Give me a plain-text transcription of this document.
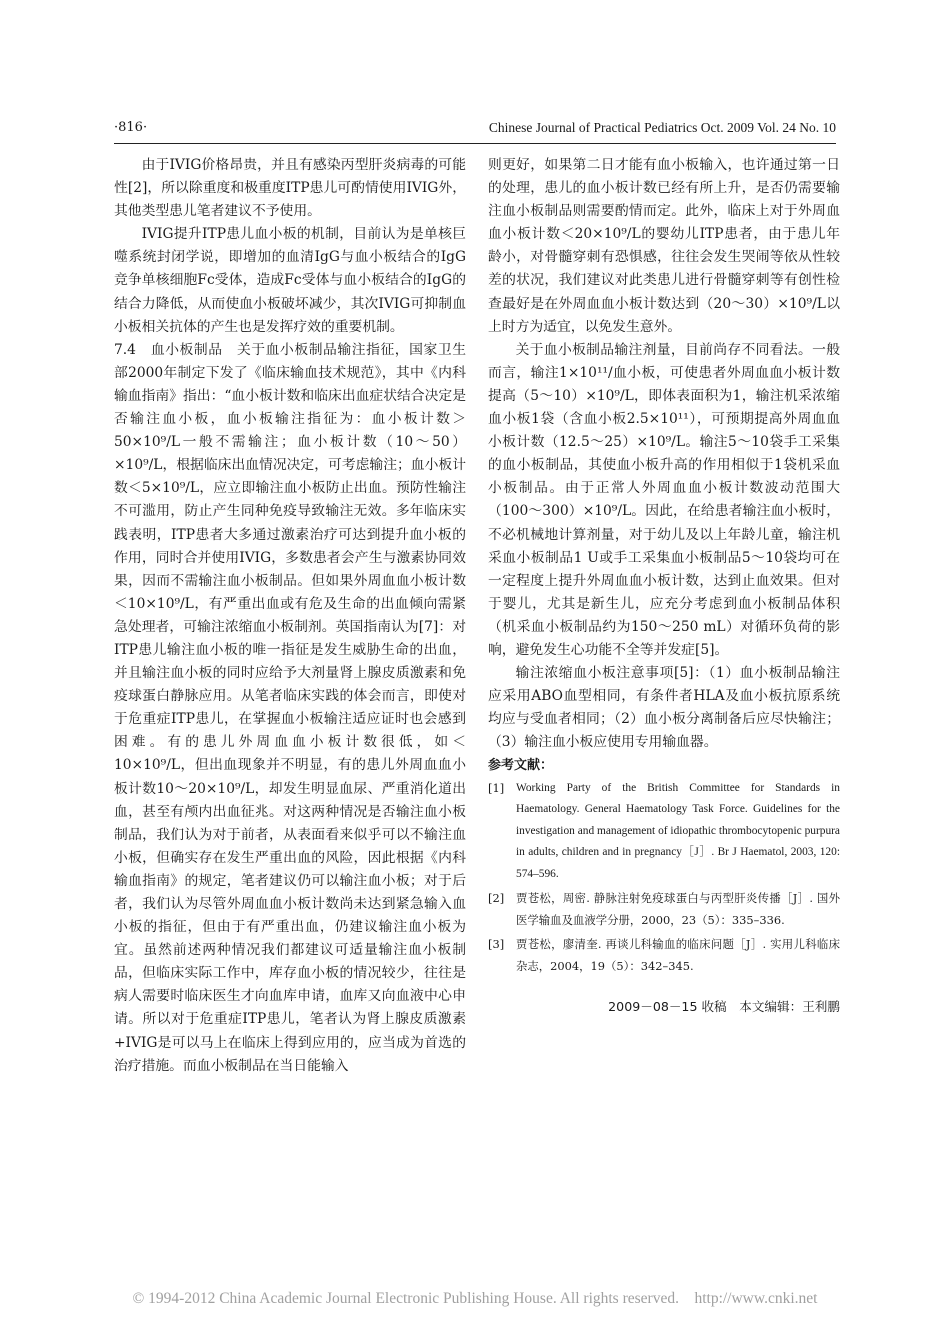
·816·	Chinese Journal of Practical Pediatrics Oct. 2009 Vol. 24 No. 10

由于IVIG价格昂贵，并且有感染丙型肝炎病毒的可能性[2]，所以除重度和极重度ITP患儿可酌情使用IVIG外，其他类型患儿笔者建议不予使用。

IVIG提升ITP患儿血小板的机制，目前认为是单核巨噬系统封闭学说，即增加的血清IgG与血小板结合的IgG竞争单核细胞Fc受体，造成Fc受体与血小板结合的IgG的结合力降低，从而使血小板破坏减少，其次IVIG可抑制血小板相关抗体的产生也是发挥疗效的重要机制。

7.4　血小板制品　关于血小板制品输注指征，国家卫生部2000年制定下发了《临床输血技术规范》，其中《内科输血指南》指出：“血小板计数和临床出血症状结合决定是否输注血小板，血小板输注指征为：血小板计数＞50×10⁹/L一般不需输注；血小板计数（10～50）×10⁹/L，根据临床出血情况决定，可考虑输注；血小板计数＜5×10⁹/L，应立即输注血小板防止出血。预防性输注不可滥用，防止产生同种免疫导致输注无效。多年临床实践表明，ITP患者大多通过激素治疗可达到提升血小板的作用，同时合并使用IVIG，多数患者会产生与激素协同效果，因而不需输注血小板制品。但如果外周血血小板计数＜10×10⁹/L，有严重出血或有危及生命的出血倾向需紧急处理者，可输注浓缩血小板制剂。英国指南认为[7]：对ITP患儿输注血小板的唯一指征是发生威胁生命的出血，并且输注血小板的同时应给予大剂量肾上腺皮质激素和免疫球蛋白静脉应用。从笔者临床实践的体会而言，即使对于危重症ITP患儿，在掌握血小板输注适应证时也会感到困难。有的患儿外周血血小板计数很低，如＜10×10⁹/L，但出血现象并不明显，有的患儿外周血血小板计数10～20×10⁹/L，却发生明显血尿、严重消化道出血，甚至有颅内出血征兆。对这两种情况是否输注血小板制品，我们认为对于前者，从表面看来似乎可以不输注血小板，但确实存在发生严重出血的风险，因此根据《内科输血指南》的规定，笔者建议仍可以输注血小板；对于后者，我们认为尽管外周血血小板计数尚未达到紧急输入血小板的指征，但由于有严重出血，仍建议输注血小板为宜。虽然前述两种情况我们都建议可适量输注血小板制品，但临床实际工作中，库存血小板的情况较少，往往是病人需要时临床医生才向血库申请，血库又向血液中心申请。所以对于危重症ITP患儿，笔者认为肾上腺皮质激素+IVIG是可以马上在临床上得到应用的，应当成为首选的治疗措施。而血小板制品在当日能输入

则更好，如果第二日才能有血小板输入，也许通过第一日的处理，患儿的血小板计数已经有所上升，是否仍需要输注血小板制品则需要酌情而定。此外，临床上对于外周血血小板计数＜20×10⁹/L的婴幼儿ITP患者，由于患儿年龄小，对骨髓穿刺有恐惧感，往往会发生哭闹等依从性较差的状况，我们建议对此类患儿进行骨髓穿刺等有创性检查最好是在外周血血小板计数达到（20～30）×10⁹/L以上时方为适宜，以免发生意外。

关于血小板制品输注剂量，目前尚存不同看法。一般而言，输注1×10¹¹/血小板，可使患者外周血血小板计数提高（5～10）×10⁹/L，即体表面积为1，输注机采浓缩血小板1袋（含血小板2.5×10¹¹），可预期提高外周血血小板计数（12.5～25）×10⁹/L。输注5～10袋手工采集的血小板制品，其使血小板升高的作用相似于1袋机采血小板制品。由于正常人外周血血小板计数波动范围大（100～300）×10⁹/L。因此，在给患者输注血小板时，不必机械地计算剂量，对于幼儿及以上年龄儿童，输注机采血小板制品1 U或手工采集血小板制品5～10袋均可在一定程度上提升外周血血小板计数，达到止血效果。但对于婴儿，尤其是新生儿，应充分考虑到血小板制品体积（机采血小板制品约为150～250 mL）对循环负荷的影响，避免发生心功能不全等并发症[5]。

输注浓缩血小板注意事项[5]：（1）血小板制品输注应采用ABO血型相同，有条件者HLA及血小板抗原系统均应与受血者相同；（2）血小板分离制备后应尽快输注；（3）输注血小板应使用专用输血器。

参考文献：

[1]	Working Party of the British Committee for Standards in Haematology. General Haematology Task Force. Guidelines for the investigation and management of idiopathic thrombocytopenic purpura in adults, children and in pregnancy［J］. Br J Haematol, 2003, 120: 574–596.
[2]	贾苍松，周密. 静脉注射免疫球蛋白与丙型肝炎传播［J］. 国外医学输血及血液学分册，2000，23（5）：335–336.
[3]	贾苍松，廖清奎. 再谈儿科输血的临床问题［J］. 实用儿科临床杂志，2004，19（5）：342–345.
2009－08－15 收稿　本文编辑：王利鹏
© 1994-2012 China Academic Journal Electronic Publishing House. All rights reserved.　http://www.cnki.net
